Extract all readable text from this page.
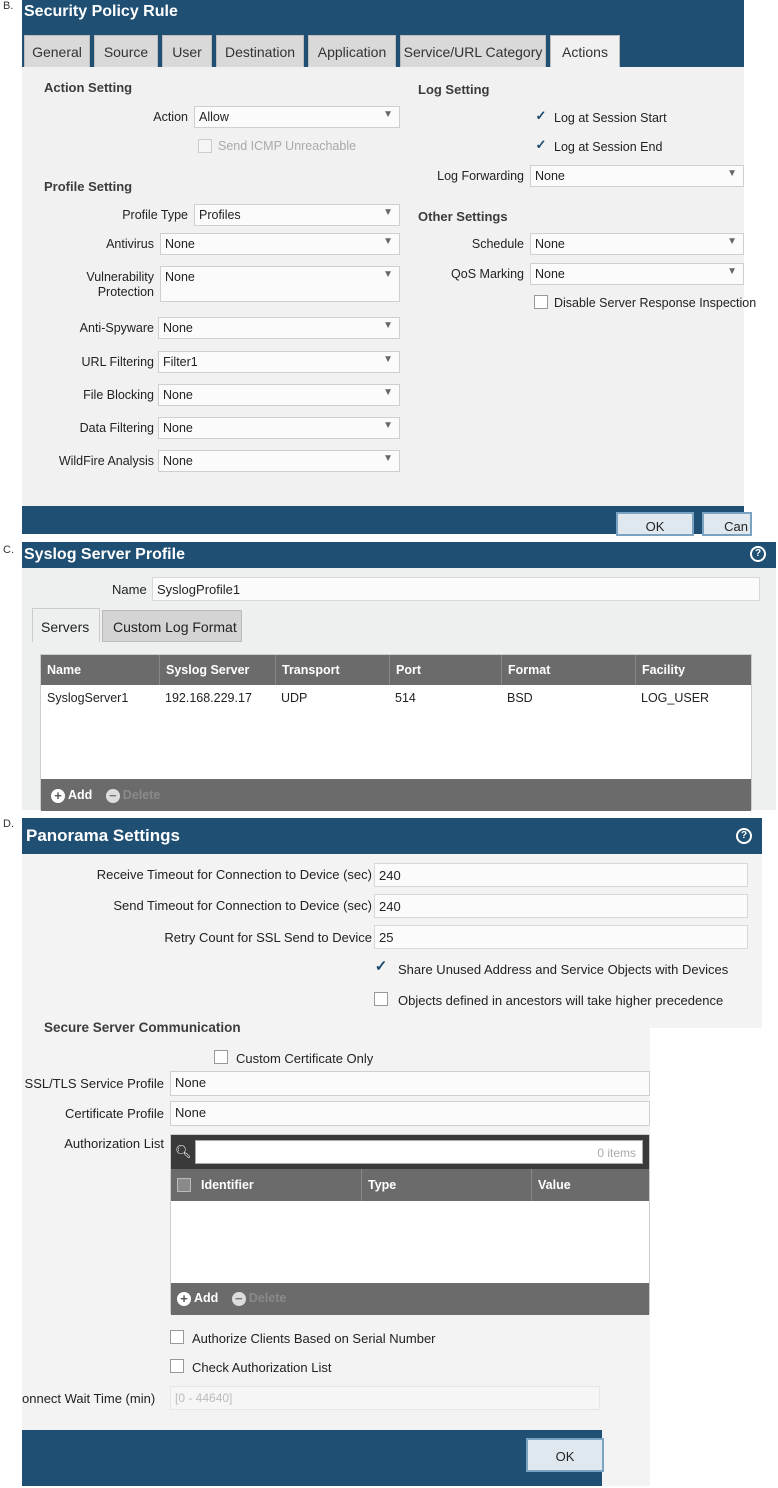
B. Security Policy Rule
General	Source	User	Destination	Application	Service/URL Category	Actions
Action Setting
Action Allow	▼
Send ICMP Unreachable
Profile Setting
Profile Type Profiles	▼
Antivirus None	▼
Vulnerability
Protection
None	▼
Anti-Spyware None	▼
URL Filtering Filter1	▼
File Blocking None	▼
Data Filtering None	▼
WildFire Analysis None	▼
Log Setting
✓ Log at Session Start
✓ Log at Session End
Log Forwarding None	▼
Other Settings
Schedule None	▼
QoS Marking None	▼
Disable Server Response Inspection
OK	Can
C. Syslog Server Profile	?
Name SyslogProfile1
Servers	Custom Log Format
Name	Syslog Server	Transport	Port	Format	Facility
SyslogServer1	192.168.229.17 UDP	514	BSD	LOG_USER
+ Add − Delete
D.
Panorama Settings	?
Receive Timeout for Connection to Device (sec) 240
Send Timeout for Connection to Device (sec) 240
Retry Count for SSL Send to Device 25
✓ Share Unused Address and Service Objects with Devices
Objects defined in ancestors will take higher precedence
Secure Server Communication
Custom Certificate Only
SSL/TLS Service Profile None
Certificate Profile None
Authorization List
🔍︎	0 items
Identifier	Type	Value
+ Add − Delete
Authorize Clients Based on Serial Number
Check Authorization List
onnect Wait Time (min)	[0 - 44640]
OK
